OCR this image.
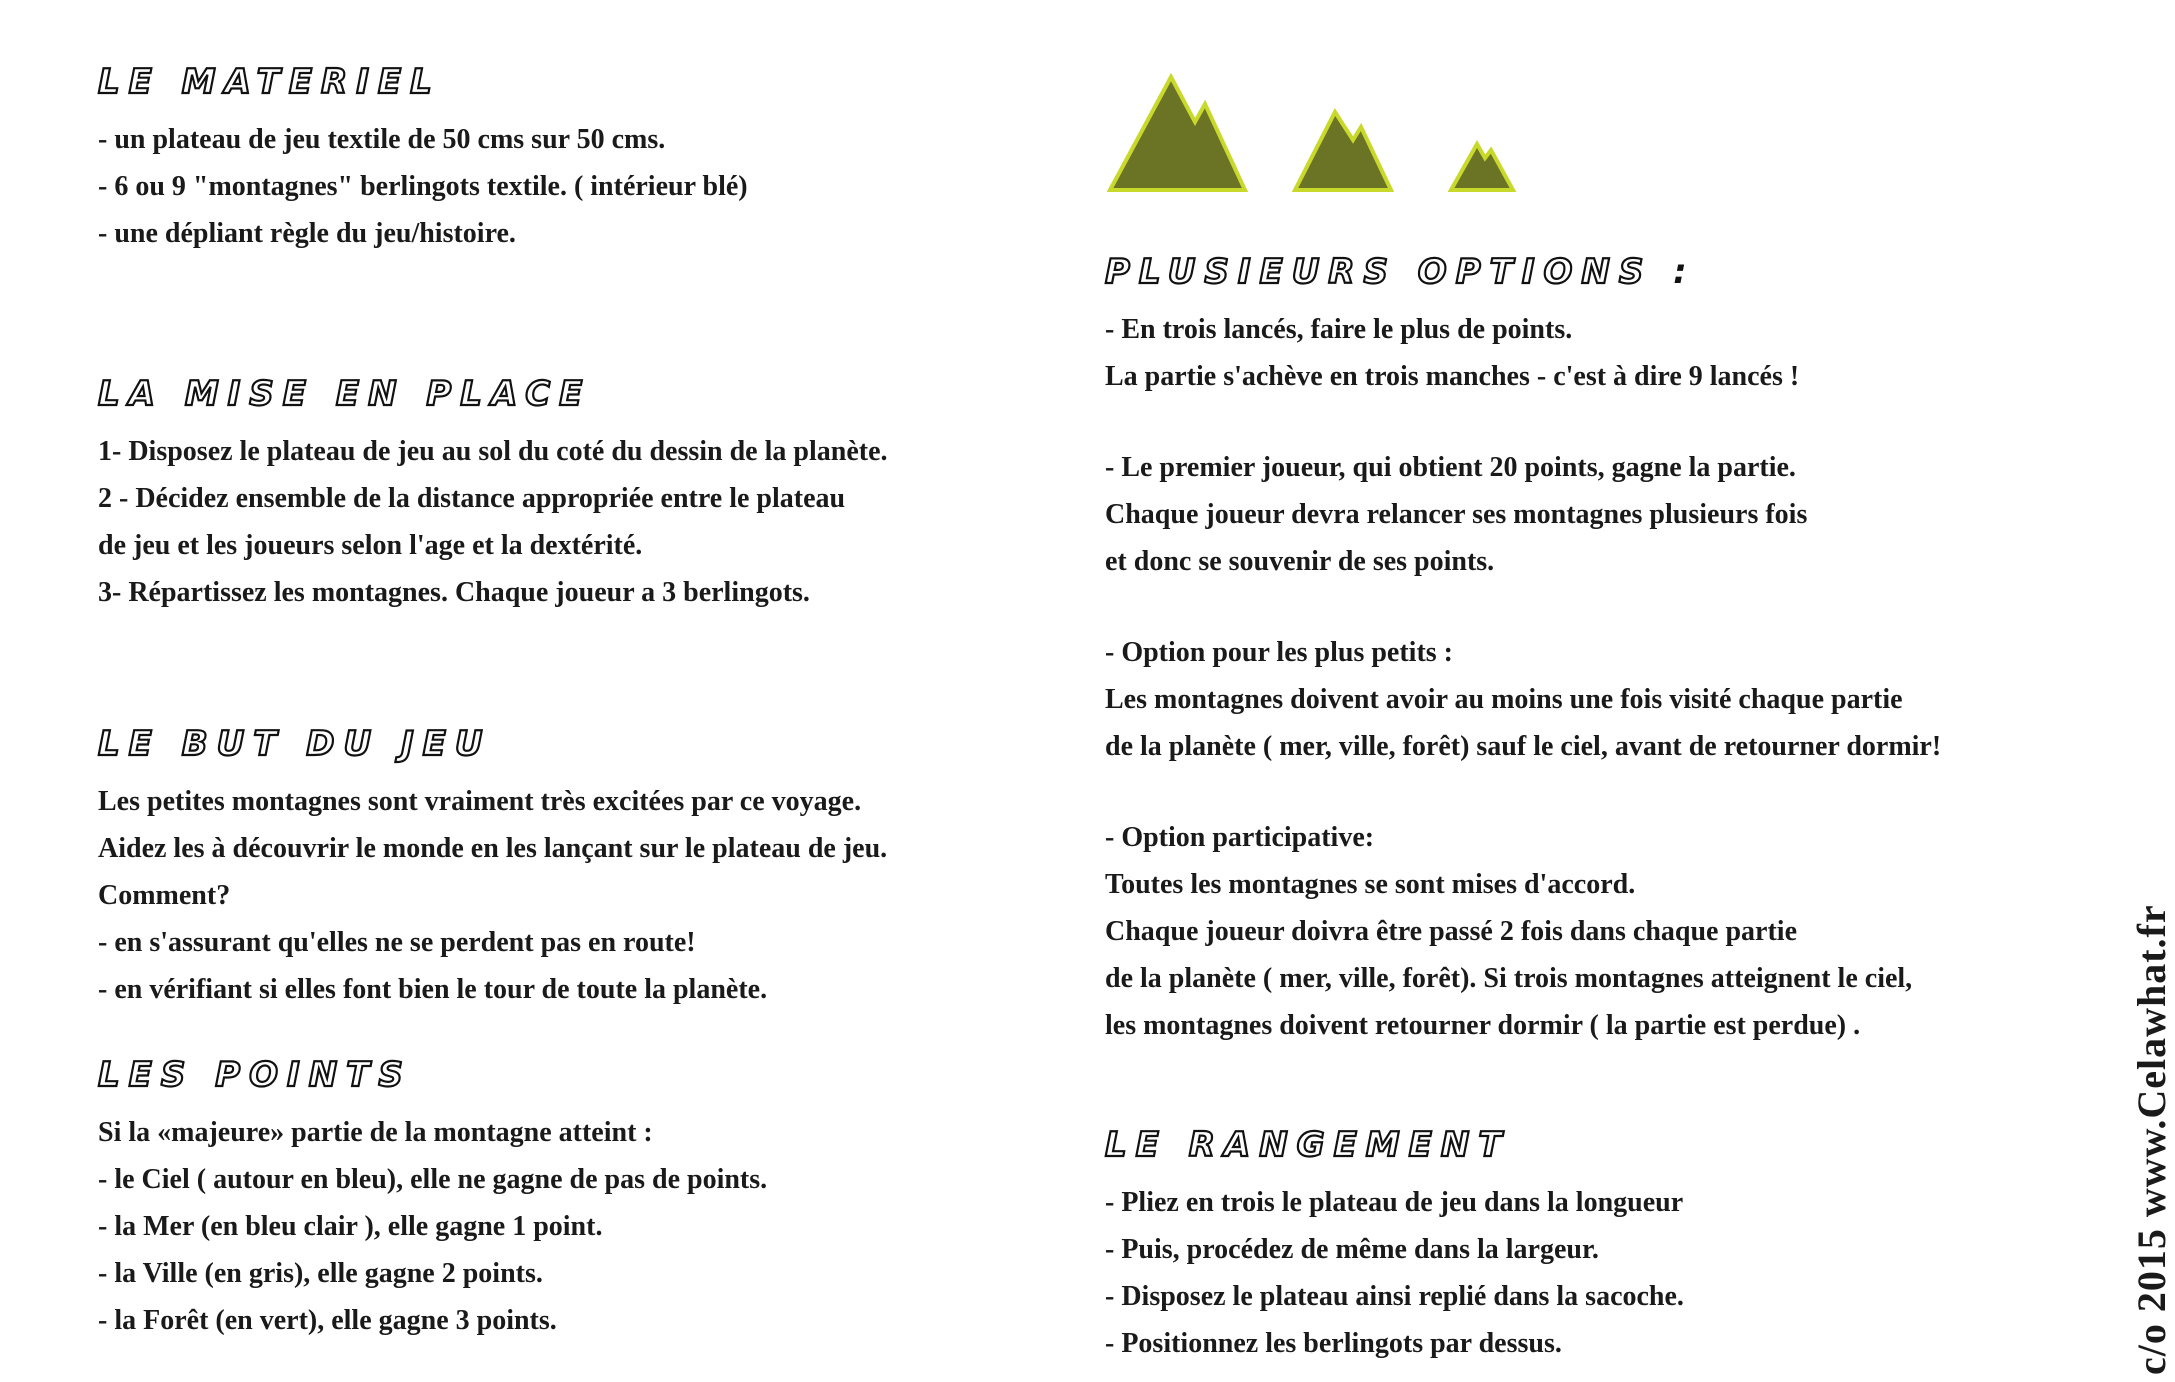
LE MATERIEL

- un plateau de jeu textile de 50 cms sur 50 cms.

- 6 ou 9 "montagnes" berlingots textile. ( intérieur blé)

- une dépliant règle du jeu/histoire.

LA MISE EN PLACE

1- Disposez le plateau de jeu au sol du coté du dessin de la planète.

2 - Décidez ensemble de la distance appropriée entre le plateau

de jeu et les joueurs selon l'age et la dextérité.

3- Répartissez les montagnes. Chaque joueur a 3 berlingots.

LE BUT DU JEU

Les petites montagnes sont vraiment très excitées par ce voyage.

Aidez les à découvrir le monde en les lançant sur le plateau de jeu.

Comment?

- en s'assurant qu'elles ne se perdent pas en route!

- en vérifiant si elles font bien le tour de toute la planète.

LES POINTS

Si la «majeure» partie de la montagne atteint :

- le Ciel ( autour en bleu), elle ne gagne de pas de points.

- la Mer (en bleu clair ), elle gagne 1 point.

- la Ville (en gris), elle gagne 2 points.

- la Forêt (en vert), elle gagne 3 points.

PLUSIEURS OPTIONS :

- En trois lancés, faire le plus de points.

La partie s'achève en trois manches - c'est à dire 9 lancés !

- Le premier joueur, qui obtient 20 points, gagne la partie.

Chaque joueur devra relancer ses montagnes plusieurs fois

et donc se souvenir de ses points.

- Option pour les plus petits :

Les montagnes doivent avoir au moins une fois visité chaque partie

de la planète ( mer, ville, forêt) sauf le ciel, avant de retourner dormir!

- Option participative:

Toutes les montagnes se sont mises d'accord.

Chaque joueur doivra être passé 2 fois dans chaque partie

de la planète ( mer, ville, forêt). Si trois montagnes atteignent le ciel,

les montagnes doivent retourner dormir ( la partie est perdue) .

LE RANGEMENT

- Pliez en trois le plateau de jeu dans la longueur

- Puis, procédez de même dans la largeur.

- Disposez le plateau ainsi replié dans la sacoche.

- Positionnez les berlingots par dessus.	c/o 2015 www.Celawhat.fr
